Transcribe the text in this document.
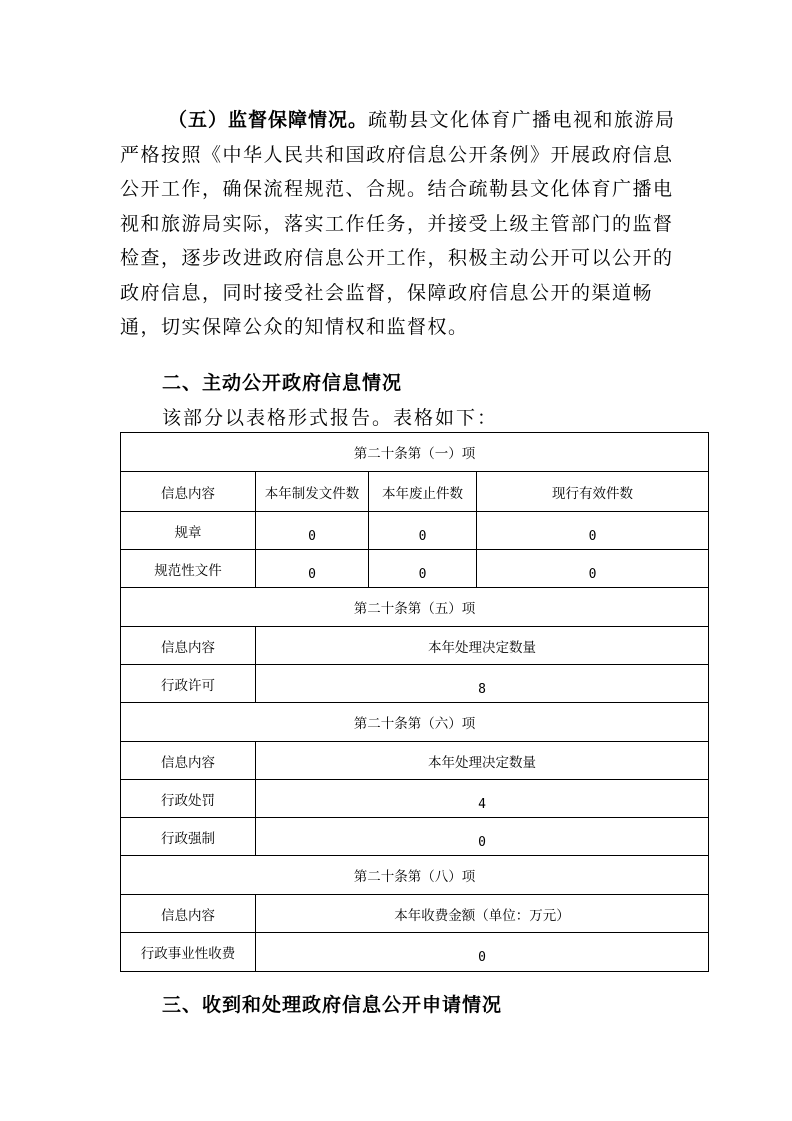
（五）监督保障情况。疏勒县文化体育广播电视和旅游局严格按照《中华人民共和国政府信息公开条例》开展政府信息公开工作，确保流程规范、合规。结合疏勒县文化体育广播电视和旅游局实际，落实工作任务，并接受上级主管部门的监督检查，逐步改进政府信息公开工作，积极主动公开可以公开的政府信息，同时接受社会监督，保障政府信息公开的渠道畅通，切实保障公众的知情权和监督权。

二、主动公开政府信息情况

该部分以表格形式报告。表格如下：

第二十条第（一）项			
信息内容	本年制发文件数	本年废止件数	现行有效件数
规章	0	0	0
规范性文件	0	0	0
第二十条第（五）项			
信息内容	本年处理决定数量		
行政许可	8		
第二十条第（六）项			
信息内容	本年处理决定数量		
行政处罚	4		
行政强制	0		
第二十条第（八）项			
信息内容	本年收费金额（单位：万元）		
行政事业性收费	0		
三、收到和处理政府信息公开申请情况
